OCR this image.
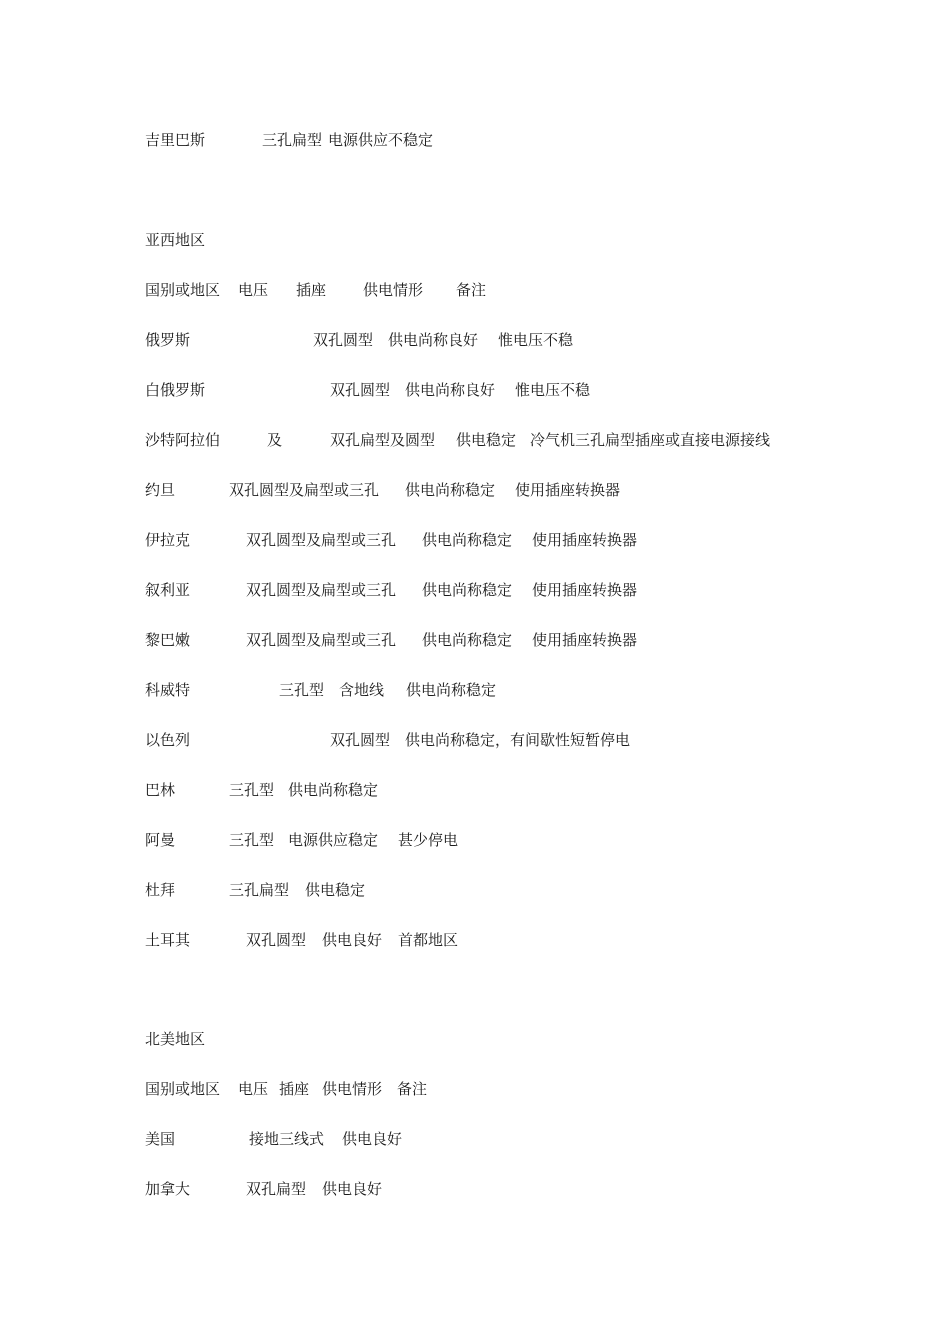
吉里巴斯	三孔扁型 电源供应不稳定
亚西地区
国别或地区 电压 插座 供电情形 备注
俄罗斯	双孔圆型 供电尚称良好 惟电压不稳
白俄罗斯	双孔圆型 供电尚称良好 惟电压不稳
沙特阿拉伯	及	双孔扁型及圆型 供电稳定 冷气机三孔扁型插座或直接电源接线
约旦	双孔圆型及扁型或三孔 供电尚称稳定 使用插座转换器
伊拉克	双孔圆型及扁型或三孔 供电尚称稳定 使用插座转换器
叙利亚	双孔圆型及扁型或三孔 供电尚称稳定 使用插座转换器
黎巴嫩	双孔圆型及扁型或三孔 供电尚称稳定 使用插座转换器
科威特	三孔型 含地线 供电尚称稳定
以色列	双孔圆型 供电尚称稳定，有间歇性短暂停电
巴林	三孔型 供电尚称稳定
阿曼	三孔型 电源供应稳定 甚少停电
杜拜	三孔扁型 供电稳定
土耳其	双孔圆型 供电良好 首都地区
北美地区
国别或地区 电压 插座 供电情形 备注
美国	接地三线式 供电良好
加拿大	双孔扁型 供电良好
